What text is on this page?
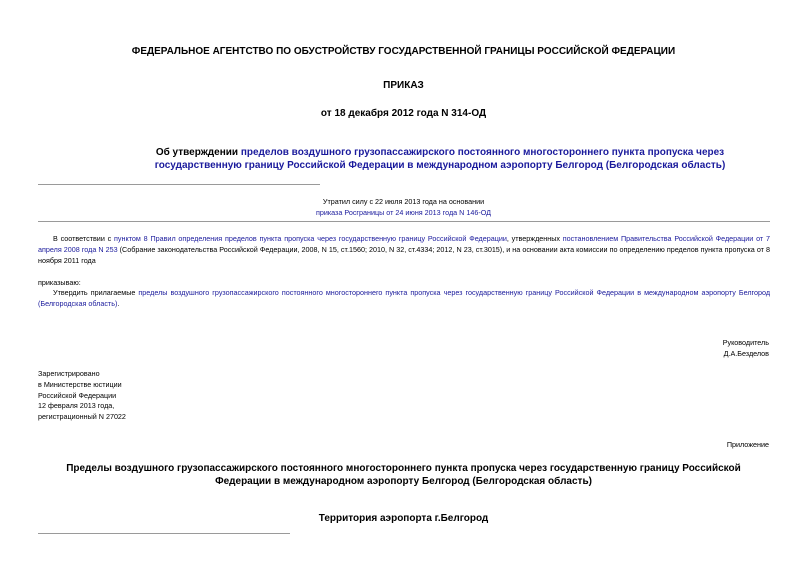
ФЕДЕРАЛЬНОЕ АГЕНТСТВО ПО ОБУСТРОЙСТВУ ГОСУДАРСТВЕННОЙ ГРАНИЦЫ РОССИЙСКОЙ ФЕДЕРАЦИИ
ПРИКАЗ
от 18 декабря 2012 года N 314-ОД
Об утверждении пределов воздушного грузопассажирского постоянного многостороннего пункта пропуска через государственную границу Российской Федерации в международном аэропорту Белгород (Белгородская область)
Утратил силу с 22 июля 2013 года на основании
приказа Росграницы от 24 июня 2013 года N 146-ОД
В соответствии с пунктом 8 Правил определения пределов пункта пропуска через государственную границу Российской Федерации, утвержденных постановлением Правительства Российской Федерации от 7 апреля 2008 года N 253 (Собрание законодательства Российской Федерации, 2008, N 15, ст.1560; 2010, N 32, ст.4334; 2012, N 23, ст.3015), и на основании акта комиссии по определению пределов пункта пропуска от 8 ноября 2011 года
приказываю:
Утвердить прилагаемые пределы воздушного грузопассажирского постоянного многостороннего пункта пропуска через государственную границу Российской Федерации в международном аэропорту Белгород (Белгородская область).
Руководитель
Д.А.Безделов
Зарегистрировано
в Министерстве юстиции
Российской Федерации
12 февраля 2013 года,
регистрационный N 27022
Приложение
Пределы воздушного грузопассажирского постоянного многостороннего пункта пропуска через государственную границу Российской Федерации в международном аэропорту Белгород (Белгородская область)
Территория аэропорта г.Белгород
